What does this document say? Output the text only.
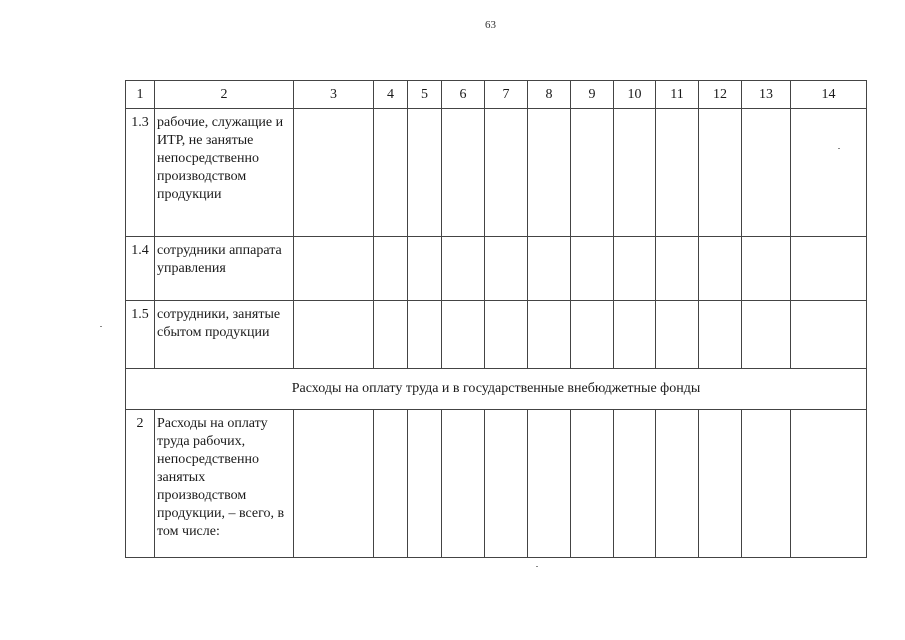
63
1	2	3	4	5	6	7	8	9	10	11	12	13	14
1.3	рабочие, служащие и ИТР, не занятые непосредственно производством продукции												
1.4	сотрудники аппарата управления												
1.5	сотрудники, занятые сбытом продукции												
Расходы на оплату труда и в государственные внебюджетные фонды													
2	Расходы на оплату труда рабочих, непосредственно занятых производством продукции, – всего, в том числе:												
